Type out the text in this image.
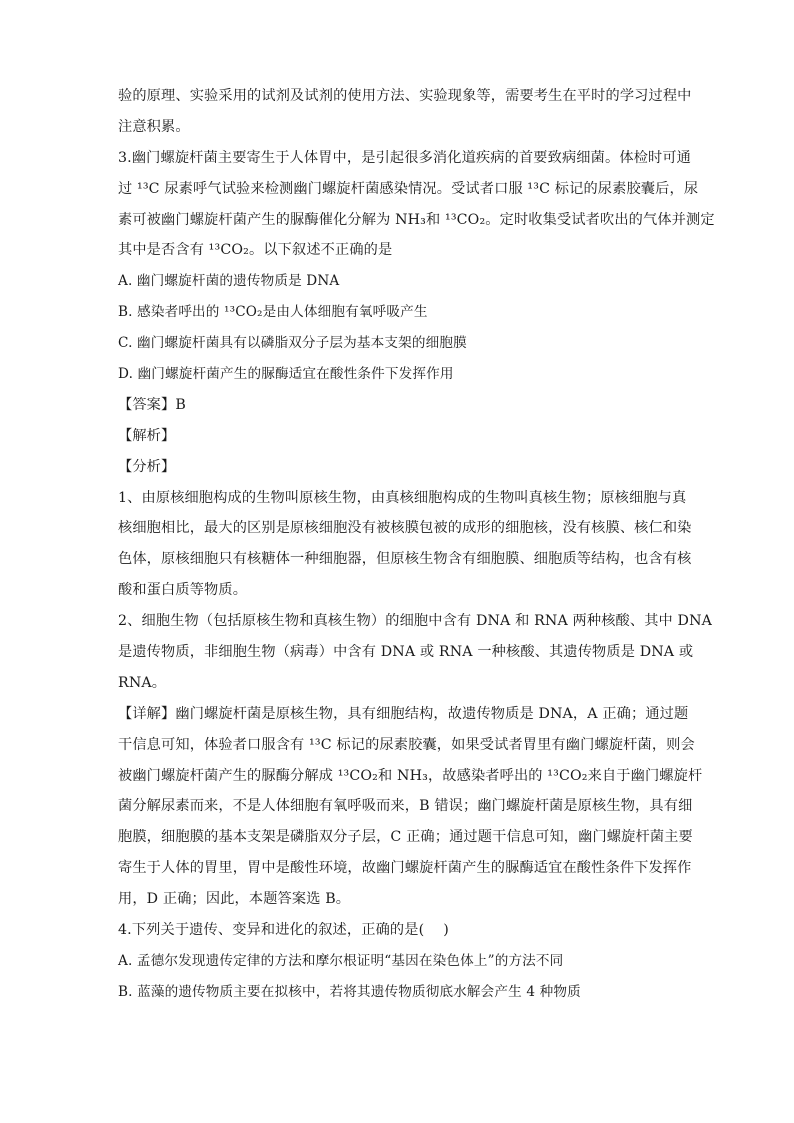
验的原理、实验采用的试剂及试剂的使用方法、实验现象等，需要考生在平时的学习过程中
注意积累。
3.幽门螺旋杆菌主要寄生于人体胃中，是引起很多消化道疾病的首要致病细菌。体检时可通
过 ¹³C 尿素呼气试验来检测幽门螺旋杆菌感染情况。受试者口服 ¹³C 标记的尿素胶囊后，尿
素可被幽门螺旋杆菌产生的脲酶催化分解为 NH₃和 ¹³CO₂。定时收集受试者吹出的气体并测定
其中是否含有 ¹³CO₂。以下叙述不正确的是
A. 幽门螺旋杆菌的遗传物质是 DNA
B. 感染者呼出的 ¹³CO₂是由人体细胞有氧呼吸产生
C. 幽门螺旋杆菌具有以磷脂双分子层为基本支架的细胞膜
D. 幽门螺旋杆菌产生的脲酶适宜在酸性条件下发挥作用
【答案】B
【解析】
【分析】
1、由原核细胞构成的生物叫原核生物，由真核细胞构成的生物叫真核生物；原核细胞与真
核细胞相比，最大的区别是原核细胞没有被核膜包被的成形的细胞核，没有核膜、核仁和染
色体，原核细胞只有核糖体一种细胞器，但原核生物含有细胞膜、细胞质等结构，也含有核
酸和蛋白质等物质。
2、细胞生物（包括原核生物和真核生物）的细胞中含有 DNA 和 RNA 两种核酸、其中 DNA
是遗传物质，非细胞生物（病毒）中含有 DNA 或 RNA 一种核酸、其遗传物质是 DNA 或
RNA。
【详解】幽门螺旋杆菌是原核生物，具有细胞结构，故遗传物质是 DNA，A 正确；通过题
干信息可知，体验者口服含有 ¹³C 标记的尿素胶囊，如果受试者胃里有幽门螺旋杆菌，则会
被幽门螺旋杆菌产生的脲酶分解成 ¹³CO₂和 NH₃，故感染者呼出的 ¹³CO₂来自于幽门螺旋杆
菌分解尿素而来，不是人体细胞有氧呼吸而来，B 错误；幽门螺旋杆菌是原核生物，具有细
胞膜，细胞膜的基本支架是磷脂双分子层，C 正确；通过题干信息可知，幽门螺旋杆菌主要
寄生于人体的胃里，胃中是酸性环境，故幽门螺旋杆菌产生的脲酶适宜在酸性条件下发挥作
用，D 正确；因此，本题答案选 B。
4.下列关于遗传、变异和进化的叙述，正确的是(　 )
A. 孟德尔发现遗传定律的方法和摩尔根证明“基因在染色体上”的方法不同
B. 蓝藻的遗传物质主要在拟核中，若将其遗传物质彻底水解会产生 4 种物质
